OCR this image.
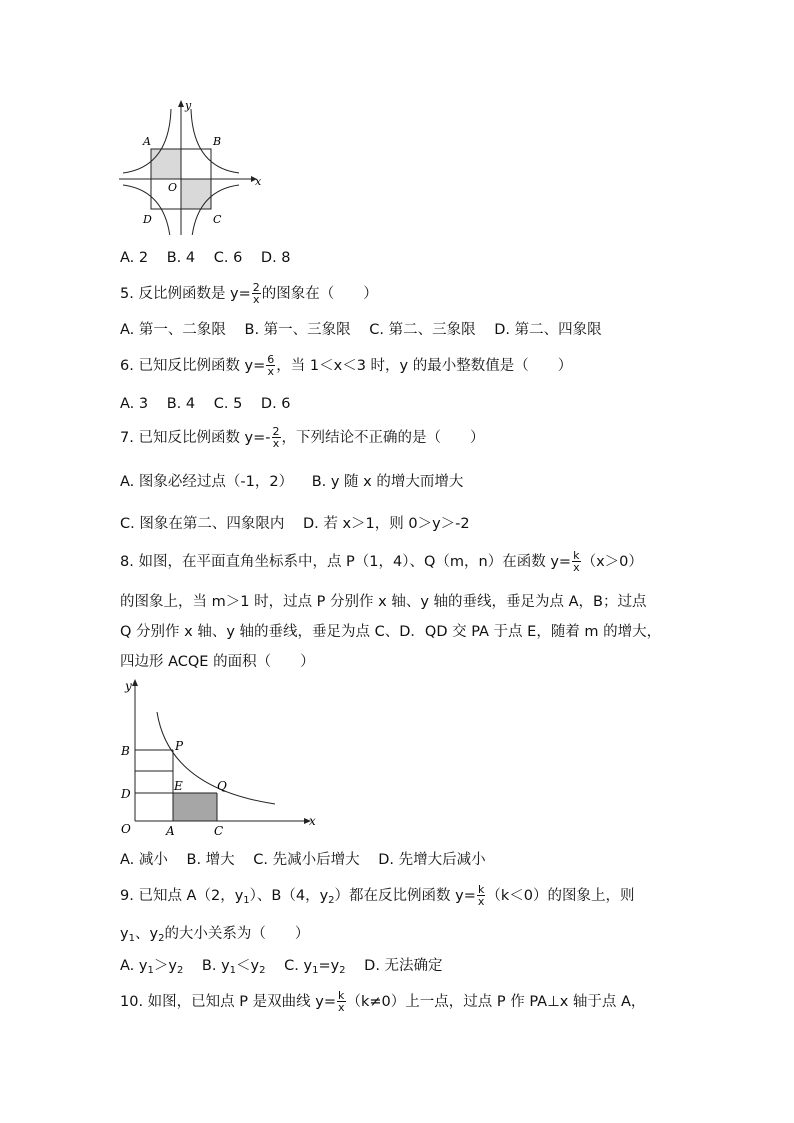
y
x
A	B
O
D	C
A. 2 B. 4 C. 6 D. 8
5. 反比例函数是 $y= \frac{2}{x}$ 的图象在（　　）
A. 第一、二象限 B. 第一、三象限 C. 第二、三象限 D. 第二、四象限
6. 已知反比例函数 $y= \frac{6}{x}$ ，当 1＜x＜3 时，y 的最小整数值是（　　）
A. 3 B. 4 C. 5 D. 6
7. 已知反比例函数 $y=- \frac{2}{x}$ ，下列结论不正确的是（　　）
A. 图象必经过点（-1，2） B. y 随 x 的增大而增大
C. 图象在第二、四象限内 D. 若 x＞1，则 0＞y＞-2
8. 如图，在平面直角坐标系中，点 P（1，4）、Q（m，n）在函数 $y= \frac{k}{x} (x>0)$
的图象上，当 m＞1 时，过点 P 分别作 x 轴、y 轴的垂线，垂足为点 A，B；过点
Q 分别作 x 轴、y 轴的垂线，垂足为点 C、D．QD 交 PA 于点 E，随着 m 的增大，
四边形 ACQE 的面积（　　）
y
x
B	P
E	Q
D
O	A	C
A. 减小 B. 增大 C. 先减小后增大 D. 先增大后减小
9. 已知点 A（2，y1）、B（4，y2）都在反比例函数 $y= \frac{k}{x} (k<0)$的图象上，则
y1、y2的大小关系为（　　）
A. y1＞y2 B. y1＜y2 C. y1=y2 D. 无法确定
10. 如图，已知点 P 是双曲线 $y= \frac{k}{x} (k\ne 0)$上一点，过点 P 作 PA⊥x 轴于点 A，
